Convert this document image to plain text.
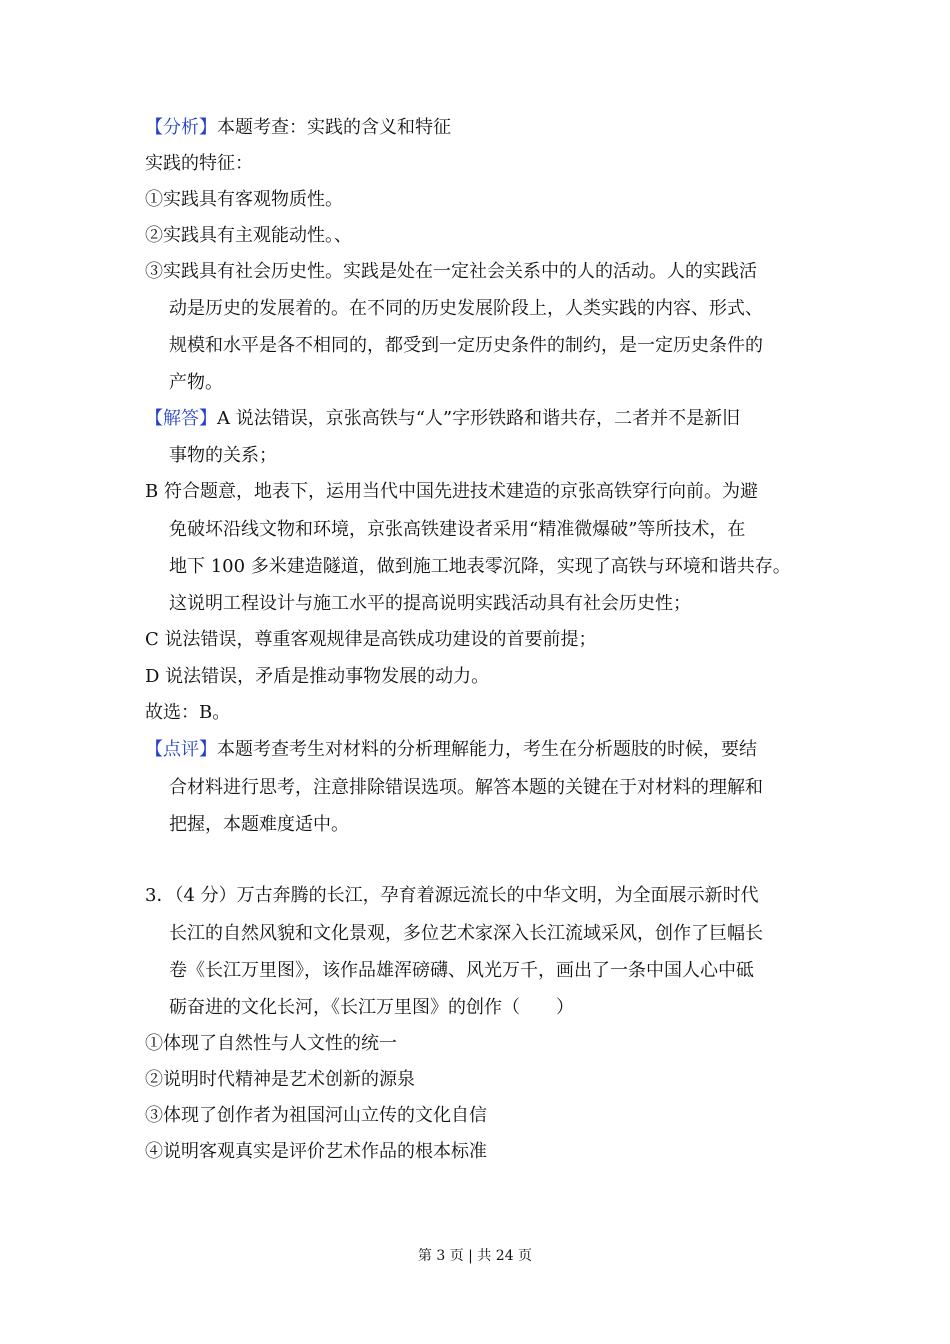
【分析】本题考查：实践的含义和特征
实践的特征：
①实践具有客观物质性。
②实践具有主观能动性。、
③实践具有社会历史性。实践是处在一定社会关系中的人的活动。人的实践活
动是历史的发展着的。在不同的历史发展阶段上，人类实践的内容、形式、
规模和水平是各不相同的，都受到一定历史条件的制约，是一定历史条件的
产物。
【解答】A 说法错误，京张高铁与“人”字形铁路和谐共存，二者并不是新旧
事物的关系；
B 符合题意，地表下，运用当代中国先进技术建造的京张高铁穿行向前。为避
免破坏沿线文物和环境，京张高铁建设者采用“精准微爆破”等所技术，在
地下 100 多米建造隧道，做到施工地表零沉降，实现了高铁与环境和谐共存。
这说明工程设计与施工水平的提高说明实践活动具有社会历史性；
C 说法错误，尊重客观规律是高铁成功建设的首要前提；
D 说法错误，矛盾是推动事物发展的动力。
故选：B。
【点评】本题考查考生对材料的分析理解能力，考生在分析题肢的时候，要结
合材料进行思考，注意排除错误选项。解答本题的关键在于对材料的理解和
把握，本题难度适中。
3．（4 分）万古奔腾的长江，孕育着源远流长的中华文明，为全面展示新时代
长江的自然风貌和文化景观，多位艺术家深入长江流域采风，创作了巨幅长
卷《长江万里图》，该作品雄浑磅礴、风光万千，画出了一条中国人心中砥
砺奋进的文化长河，《长江万里图》的创作（　　）
①体现了自然性与人文性的统一
②说明时代精神是艺术创新的源泉
③体现了创作者为祖国河山立传的文化自信
④说明客观真实是评价艺术作品的根本标准
第 3 页 | 共 24 页
